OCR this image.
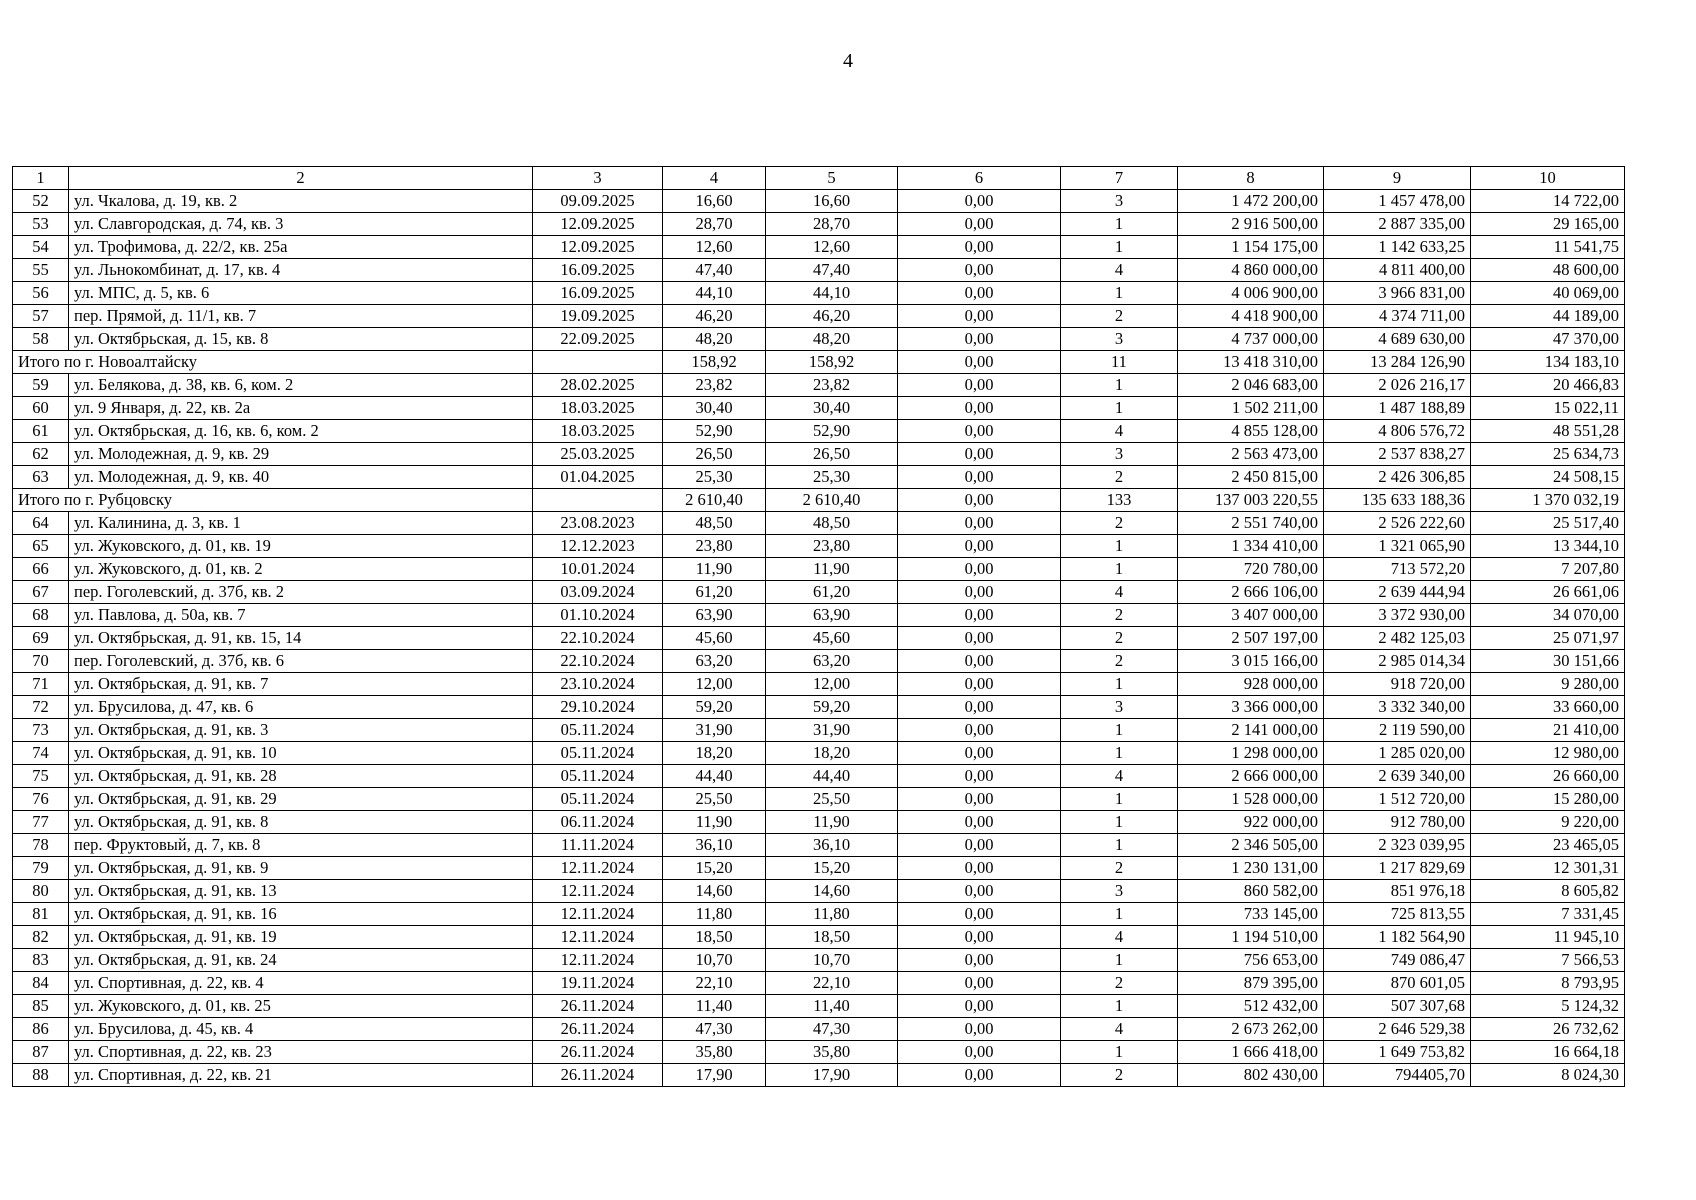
4
1	2	3	4	5	6	7	8	9	10
52	ул. Чкалова, д. 19, кв. 2	09.09.2025	16,60	16,60	0,00	3	1 472 200,00	1 457 478,00	14 722,00
53	ул. Славгородская, д. 74, кв. 3	12.09.2025	28,70	28,70	0,00	1	2 916 500,00	2 887 335,00	29 165,00
54	ул. Трофимова, д. 22/2, кв. 25а	12.09.2025	12,60	12,60	0,00	1	1 154 175,00	1 142 633,25	11 541,75
55	ул. Льнокомбинат, д. 17, кв. 4	16.09.2025	47,40	47,40	0,00	4	4 860 000,00	4 811 400,00	48 600,00
56	ул. МПС, д. 5, кв. 6	16.09.2025	44,10	44,10	0,00	1	4 006 900,00	3 966 831,00	40 069,00
57	пер. Прямой, д. 11/1, кв. 7	19.09.2025	46,20	46,20	0,00	2	4 418 900,00	4 374 711,00	44 189,00
58	ул. Октябрьская, д. 15, кв. 8	22.09.2025	48,20	48,20	0,00	3	4 737 000,00	4 689 630,00	47 370,00
Итого по г. Новоалтайску			158,92	158,92	0,00	11	13 418 310,00	13 284 126,90	134 183,10
59	ул. Белякова, д. 38, кв. 6, ком. 2	28.02.2025	23,82	23,82	0,00	1	2 046 683,00	2 026 216,17	20 466,83
60	ул. 9 Января, д. 22, кв. 2а	18.03.2025	30,40	30,40	0,00	1	1 502 211,00	1 487 188,89	15 022,11
61	ул. Октябрьская, д. 16, кв. 6, ком. 2	18.03.2025	52,90	52,90	0,00	4	4 855 128,00	4 806 576,72	48 551,28
62	ул. Молодежная, д. 9, кв. 29	25.03.2025	26,50	26,50	0,00	3	2 563 473,00	2 537 838,27	25 634,73
63	ул. Молодежная, д. 9, кв. 40	01.04.2025	25,30	25,30	0,00	2	2 450 815,00	2 426 306,85	24 508,15
Итого по г. Рубцовску			2 610,40	2 610,40	0,00	133	137 003 220,55	135 633 188,36	1 370 032,19
64	ул. Калинина, д. 3, кв. 1	23.08.2023	48,50	48,50	0,00	2	2 551 740,00	2 526 222,60	25 517,40
65	ул. Жуковского, д. 01, кв. 19	12.12.2023	23,80	23,80	0,00	1	1 334 410,00	1 321 065,90	13 344,10
66	ул. Жуковского, д. 01, кв. 2	10.01.2024	11,90	11,90	0,00	1	720 780,00	713 572,20	7 207,80
67	пер. Гоголевский, д. 37б, кв. 2	03.09.2024	61,20	61,20	0,00	4	2 666 106,00	2 639 444,94	26 661,06
68	ул. Павлова, д. 50а, кв. 7	01.10.2024	63,90	63,90	0,00	2	3 407 000,00	3 372 930,00	34 070,00
69	ул. Октябрьская, д. 91, кв. 15, 14	22.10.2024	45,60	45,60	0,00	2	2 507 197,00	2 482 125,03	25 071,97
70	пер. Гоголевский, д. 37б, кв. 6	22.10.2024	63,20	63,20	0,00	2	3 015 166,00	2 985 014,34	30 151,66
71	ул. Октябрьская, д. 91, кв. 7	23.10.2024	12,00	12,00	0,00	1	928 000,00	918 720,00	9 280,00
72	ул. Брусилова, д. 47, кв. 6	29.10.2024	59,20	59,20	0,00	3	3 366 000,00	3 332 340,00	33 660,00
73	ул. Октябрьская, д. 91, кв. 3	05.11.2024	31,90	31,90	0,00	1	2 141 000,00	2 119 590,00	21 410,00
74	ул. Октябрьская, д. 91, кв. 10	05.11.2024	18,20	18,20	0,00	1	1 298 000,00	1 285 020,00	12 980,00
75	ул. Октябрьская, д. 91, кв. 28	05.11.2024	44,40	44,40	0,00	4	2 666 000,00	2 639 340,00	26 660,00
76	ул. Октябрьская, д. 91, кв. 29	05.11.2024	25,50	25,50	0,00	1	1 528 000,00	1 512 720,00	15 280,00
77	ул. Октябрьская, д. 91, кв. 8	06.11.2024	11,90	11,90	0,00	1	922 000,00	912 780,00	9 220,00
78	пер. Фруктовый, д. 7, кв. 8	11.11.2024	36,10	36,10	0,00	1	2 346 505,00	2 323 039,95	23 465,05
79	ул. Октябрьская, д. 91, кв. 9	12.11.2024	15,20	15,20	0,00	2	1 230 131,00	1 217 829,69	12 301,31
80	ул. Октябрьская, д. 91, кв. 13	12.11.2024	14,60	14,60	0,00	3	860 582,00	851 976,18	8 605,82
81	ул. Октябрьская, д. 91, кв. 16	12.11.2024	11,80	11,80	0,00	1	733 145,00	725 813,55	7 331,45
82	ул. Октябрьская, д. 91, кв. 19	12.11.2024	18,50	18,50	0,00	4	1 194 510,00	1 182 564,90	11 945,10
83	ул. Октябрьская, д. 91, кв. 24	12.11.2024	10,70	10,70	0,00	1	756 653,00	749 086,47	7 566,53
84	ул. Спортивная, д. 22, кв. 4	19.11.2024	22,10	22,10	0,00	2	879 395,00	870 601,05	8 793,95
85	ул. Жуковского, д. 01, кв. 25	26.11.2024	11,40	11,40	0,00	1	512 432,00	507 307,68	5 124,32
86	ул. Брусилова, д. 45, кв. 4	26.11.2024	47,30	47,30	0,00	4	2 673 262,00	2 646 529,38	26 732,62
87	ул. Спортивная, д. 22, кв. 23	26.11.2024	35,80	35,80	0,00	1	1 666 418,00	1 649 753,82	16 664,18
88	ул. Спортивная, д. 22, кв. 21	26.11.2024	17,90	17,90	0,00	2	802 430,00	794405,70	8 024,30
